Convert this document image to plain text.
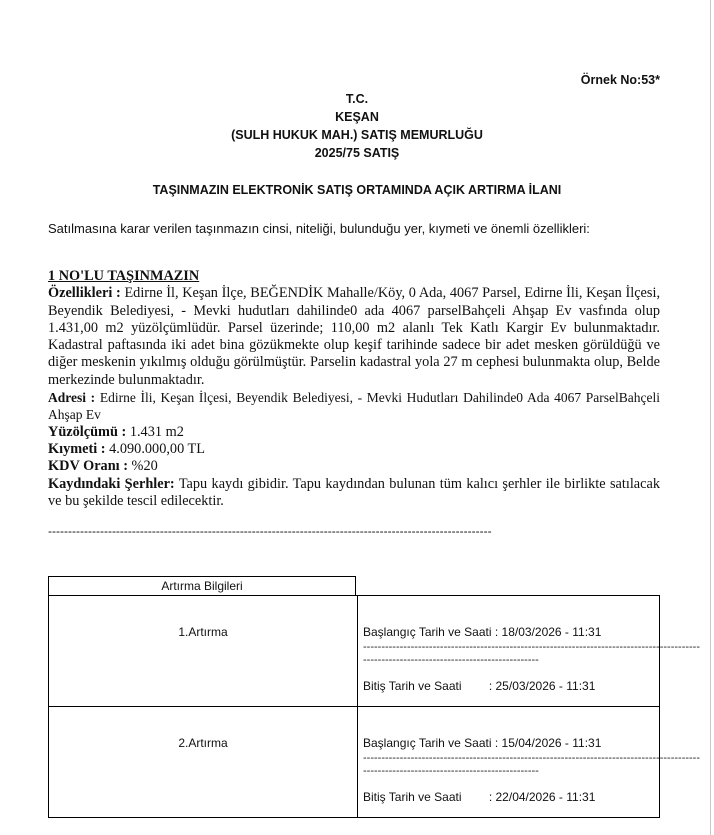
Örnek No:53*
T.C.
KEŞAN
(SULH HUKUK MAH.) SATIŞ MEMURLUĞU
2025/75 SATIŞ
TAŞINMAZIN ELEKTRONİK SATIŞ ORTAMINDA AÇIK ARTIRMA İLANI
Satılmasına karar verilen taşınmazın cinsi, niteliği, bulunduğu yer, kıymeti ve önemli özellikleri:
1 NO'LU TAŞINMAZIN
Özellikleri : Edirne İl, Keşan İlçe, BEĞENDİK Mahalle/Köy, 0 Ada, 4067 Parsel, Edirne İli, Keşan İlçesi, Beyendik Belediyesi, - Mevki hudutları dahilinde0 ada 4067 parselBahçeli Ahşap Ev vasfında olup 1.431,00 m2 yüzölçümlüdür. Parsel üzerinde; 110,00 m2 alanlı Tek Katlı Kargir Ev bulunmaktadır. Kadastral paftasında iki adet bina gözükmekte olup keşif tarihinde sadece bir adet mesken görüldüğü ve diğer meskenin yıkılmış olduğu görülmüştür. Parselin kadastral yola 27 m cephesi bulunmakta olup, Belde merkezinde bulunmaktadır.
Adresi : Edirne İli, Keşan İlçesi, Beyendik Belediyesi, - Mevki Hudutları Dahilinde0 Ada 4067 ParselBahçeli Ahşap Ev
Yüzölçümü : 1.431 m2
Kıymeti : 4.090.000,00 TL
KDV Oranı : %20
Kaydındaki Şerhler: Tapu kaydı gibidir. Tapu kaydından bulunan tüm kalıcı şerhler ile birlikte satılacak ve bu şekilde tescil edilecektir.
---------------------------------------------------------------------------------------------------------------
Artırma Bilgileri
1.Artırma	Başlangıç Tarih ve Saati : 18/03/2026 - 11:31
--------------------------------------------------------------------------------------------
------------------------------------------------
Bitiş Tarih ve Saati : 25/03/2026 - 11:31

2.Artırma	Başlangıç Tarih ve Saati : 15/04/2026 - 11:31
--------------------------------------------------------------------------------------------
------------------------------------------------
Bitiş Tarih ve Saati : 22/04/2026 - 11:31
